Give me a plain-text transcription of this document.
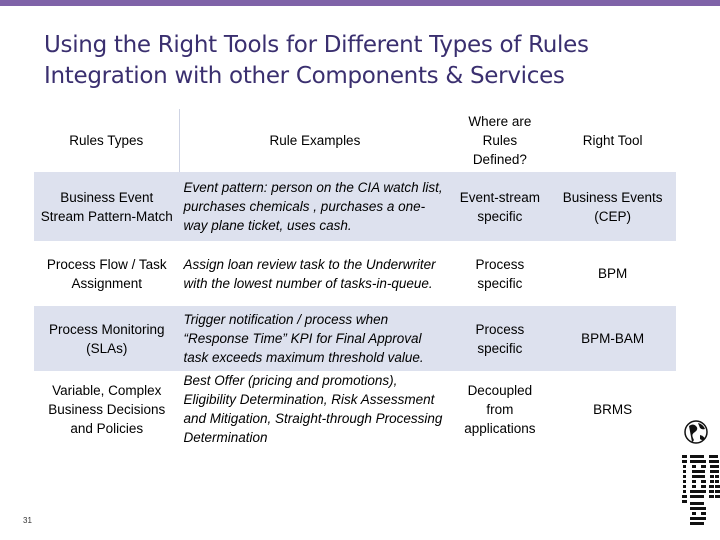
Using the Right Tools for Different Types of Rules
Integration with other Components & Services
Rules Types	Rule Examples	Where are Rules Defined?	Right Tool
Business Event Stream Pattern-Match	Event pattern: person on the CIA watch list, purchases chemicals , purchases a one-way plane ticket, uses cash.	Event-stream specific	Business Events (CEP)
Process Flow / Task Assignment	Assign loan review task to the Underwriter with the lowest number of tasks-in-queue.	Process specific	BPM
Process Monitoring (SLAs)	Trigger notification / process when “Response Time” KPI for Final Approval task exceeds maximum threshold value.	Process specific	BPM-BAM
Variable, Complex Business Decisions and Policies	Best Offer (pricing and promotions), Eligibility Determination, Risk Assessment and Mitigation, Straight-through Processing Determination	Decoupled from applications	BRMS
31
